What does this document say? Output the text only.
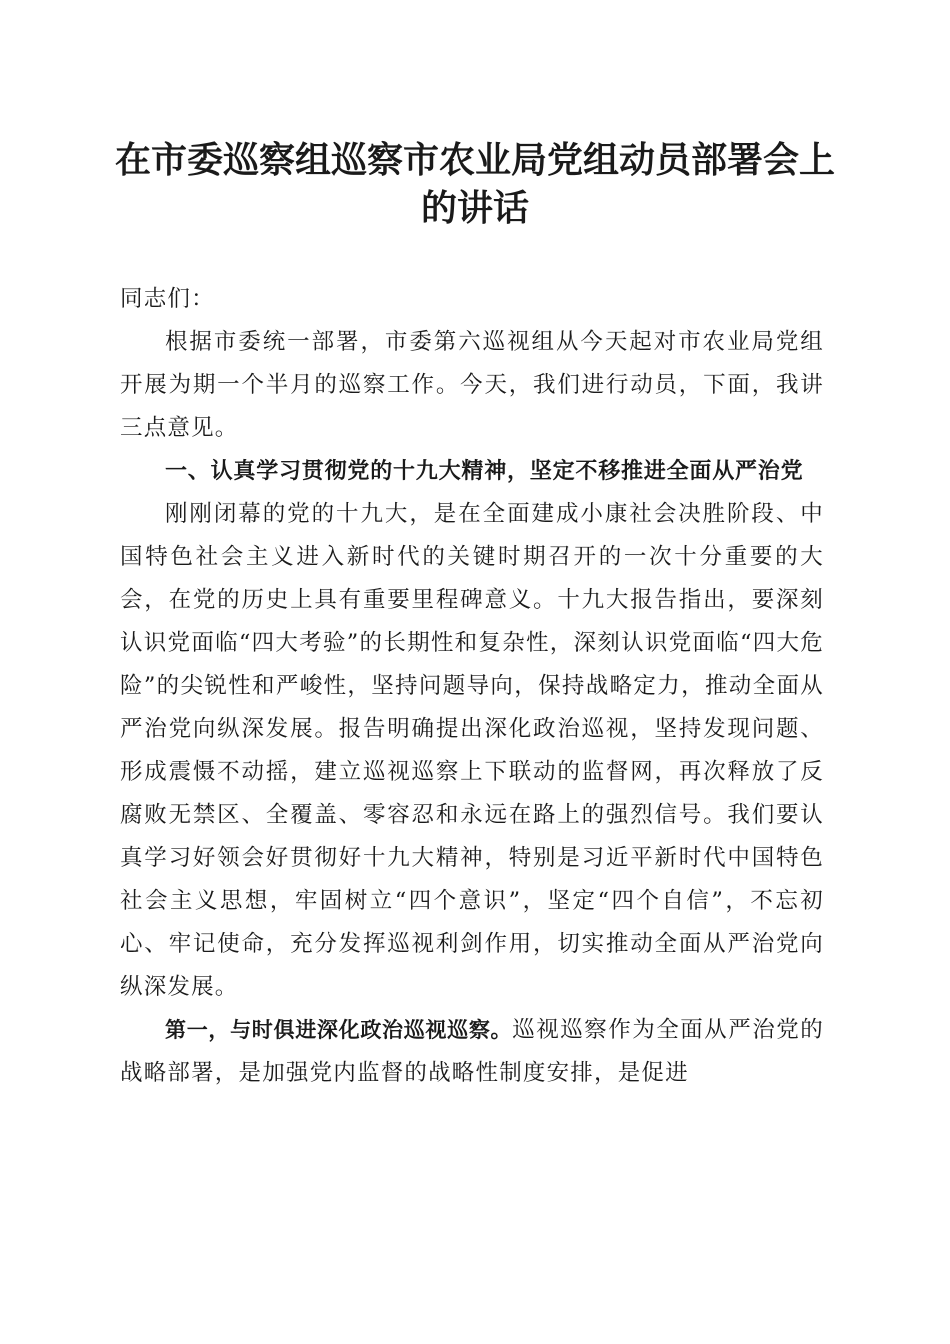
在市委巡察组巡察市农业局党组动员部署会上
的讲话

同志们：

根据市委统一部署，市委第六巡视组从今天起对市农业局党组开展为期一个半月的巡察工作。今天，我们进行动员，下面，我讲三点意见。

一、认真学习贯彻党的十九大精神，坚定不移推进全面从严治党

刚刚闭幕的党的十九大，是在全面建成小康社会决胜阶段、中国特色社会主义进入新时代的关键时期召开的一次十分重要的大会，在党的历史上具有重要里程碑意义。十九大报告指出，要深刻认识党面临“四大考验”的长期性和复杂性，深刻认识党面临“四大危险”的尖锐性和严峻性，坚持问题导向，保持战略定力，推动全面从严治党向纵深发展。报告明确提出深化政治巡视，坚持发现问题、形成震慑不动摇，建立巡视巡察上下联动的监督网，再次释放了反腐败无禁区、全覆盖、零容忍和永远在路上的强烈信号。我们要认真学习好领会好贯彻好十九大精神，特别是习近平新时代中国特色社会主义思想，牢固树立“四个意识”，坚定“四个自信”，不忘初心、牢记使命，充分发挥巡视利剑作用，切实推动全面从严治党向纵深发展。

第一，与时俱进深化政治巡视巡察。巡视巡察作为全面从严治党的战略部署，是加强党内监督的战略性制度安排，是促进
